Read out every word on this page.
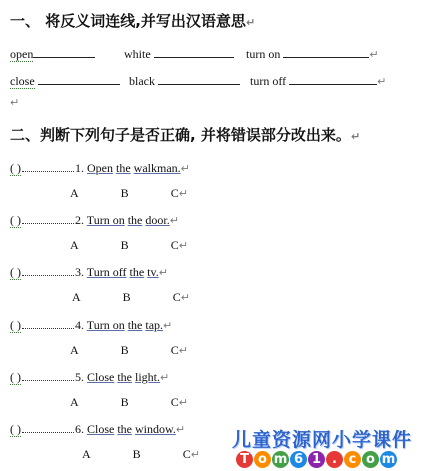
一、 将反义词连线,并写出汉语意思↵
open	white	turn on	↵
close	black	turn off	↵
↵
二、判断下列句子是否正确, 并将错误部分改出来。↵
( )	1. Open the walkman.↵
A	B	C↵
( )	2. Turn on the door.↵
A	B	C↵
( )	3. Turn off the tv.↵
A	B	C↵
( )	4. Turn on the tap.↵
A	B	C↵
( )	5. Close the light.↵
A	B	C↵
( )	6. Close the window.↵
A	B	C↵
儿童资源网小学课件
T o m 6 1 . c o m
